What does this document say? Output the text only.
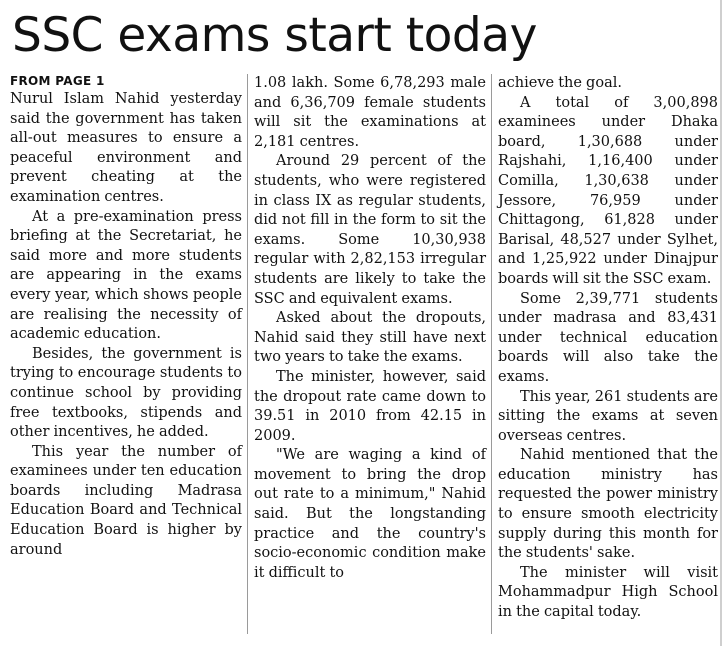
SSC exams start today
FROM PAGE 1

Nurul Islam Nahid yesterday said the government has taken all-out measures to ensure a peaceful environment and prevent cheating at the examination centres.

At a pre-examination press briefing at the Secretariat, he said more and more students are appearing in the exams every year, which shows people are realising the necessity of academic education.

Besides, the government is trying to encourage students to continue school by providing free textbooks, stipends and other incentives, he added.

This year the number of examinees under ten education boards including Madrasa Education Board and Technical Education Board is higher by around

1.08 lakh. Some 6,78,293 male and 6,36,709 female students will sit the examinations at 2,181 centres.

Around 29 percent of the students, who were registered in class IX as regular students, did not fill in the form to sit the exams. Some 10,30,938 regular with 2,82,153 irregular students are likely to take the SSC and equivalent exams.

Asked about the dropouts, Nahid said they still have next two years to take the exams.

The minister, however, said the dropout rate came down to 39.51 in 2010 from 42.15 in 2009.

"We are waging a kind of movement to bring the drop out rate to a minimum," Nahid said. But the longstanding practice and the country's socio-economic condition make it difficult to

achieve the goal.

A total of 3,00,898 examinees under Dhaka board, 1,30,688 under Rajshahi, 1,16,400 under Comilla, 1,30,638 under Jessore, 76,959 under Chittagong, 61,828 under Barisal, 48,527 under Sylhet, and 1,25,922 under Dinajpur boards will sit the SSC exam.

Some 2,39,771 students under madrasa and 83,431 under technical education boards will also take the exams.

This year, 261 students are sitting the exams at seven overseas centres.

Nahid mentioned that the education ministry has requested the power ministry to ensure smooth electricity supply during this month for the students' sake.

The minister will visit Mohammadpur High School in the capital today.
